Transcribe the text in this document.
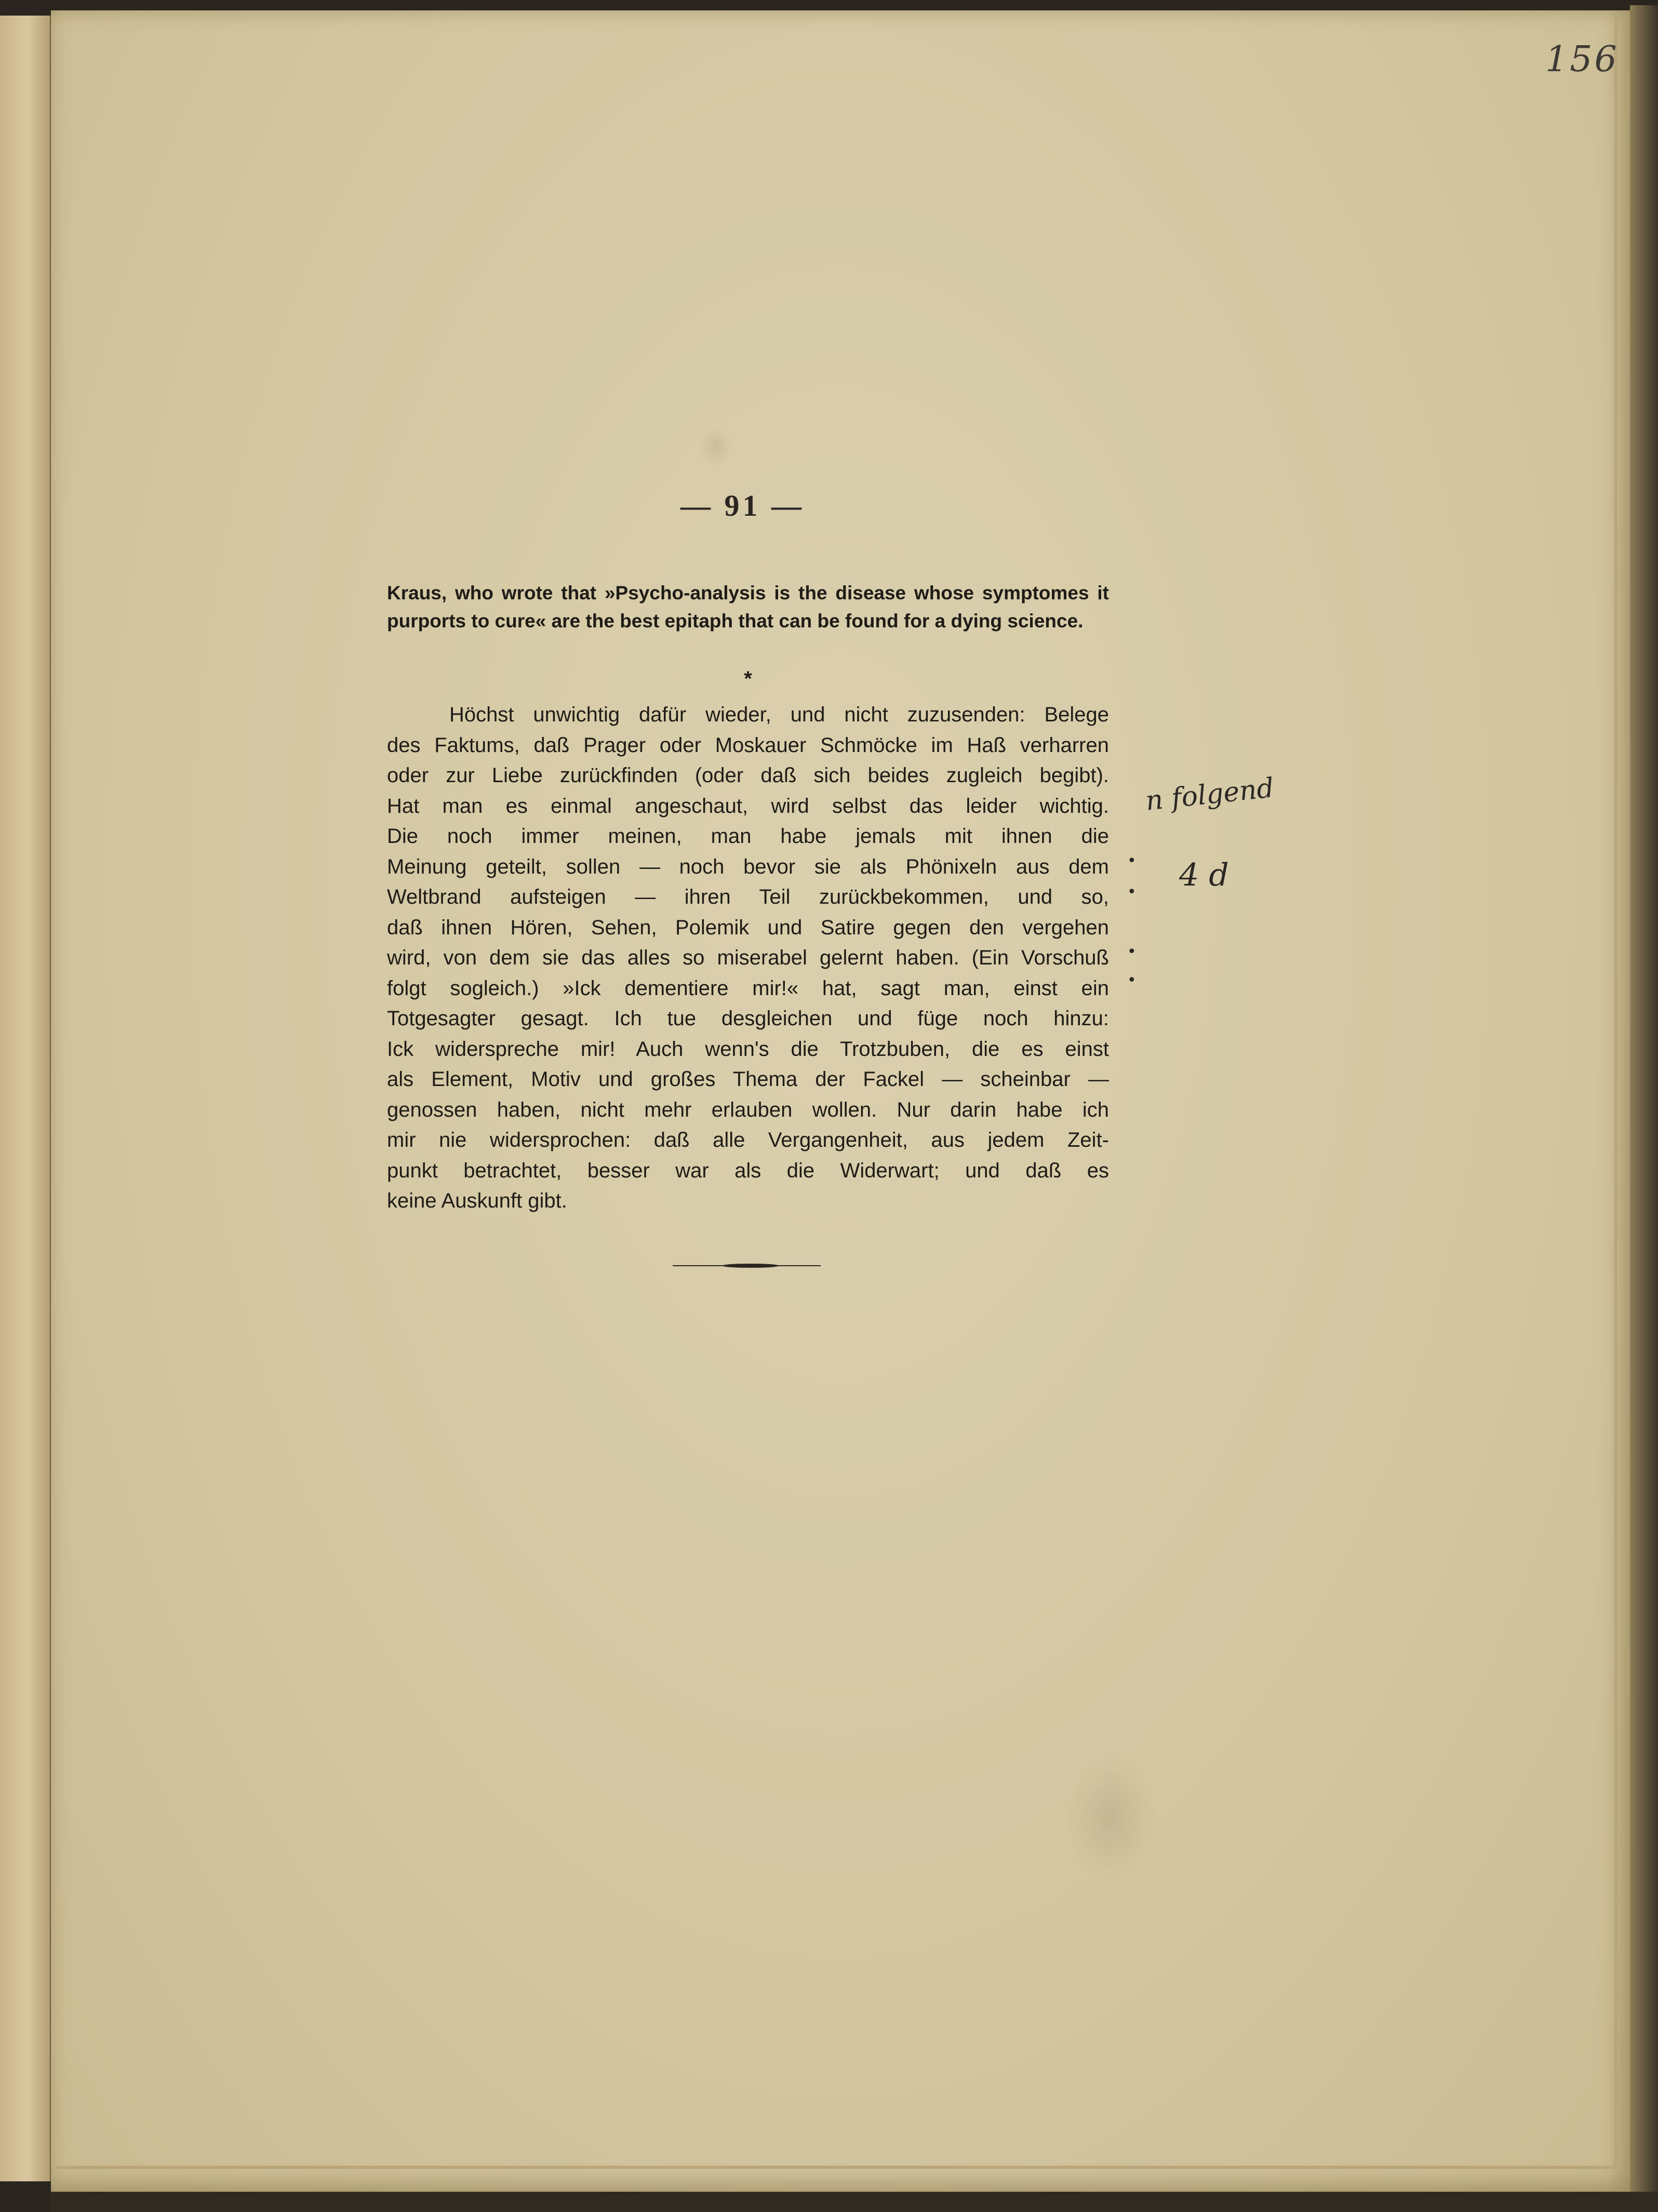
156
— 91 —

Kraus, who wrote that »Psycho-analysis is the disease whose symptomes it purports to cure« are the best epitaph that can be found for a dying science.

*
Höchst unwichtig dafür wieder, und nicht zuzusenden: Belege
des Faktums, daß Prager oder Moskauer Schmöcke im Haß verharren
oder zur Liebe zurückfinden (oder daß sich beides zugleich begibt).
Hat man es einmal angeschaut, wird selbst das leider wichtig.
Die noch immer meinen, man habe jemals mit ihnen die
Meinung geteilt, sollen — noch bevor sie als Phönixeln aus dem
Weltbrand aufsteigen — ihren Teil zurückbekommen, und so,
daß ihnen Hören, Sehen, Polemik und Satire gegen den vergehen
wird, von dem sie das alles so miserabel gelernt haben. (Ein Vorschuß
folgt sogleich.) »Ick dementiere mir!« hat, sagt man, einst ein
Totgesagter gesagt. Ich tue desgleichen und füge noch hinzu:
Ick widerspreche mir! Auch wenn's die Trotzbuben, die es einst
als Element, Motiv und großes Thema der Fackel — scheinbar —
genossen haben, nicht mehr erlauben wollen. Nur darin habe ich
mir nie widersprochen: daß alle Vergangenheit, aus jedem Zeit-
punkt betrachtet, besser war als die Widerwart; und daß es
keine Auskunft gibt.
n folgend
4 d
•
•
•
•
